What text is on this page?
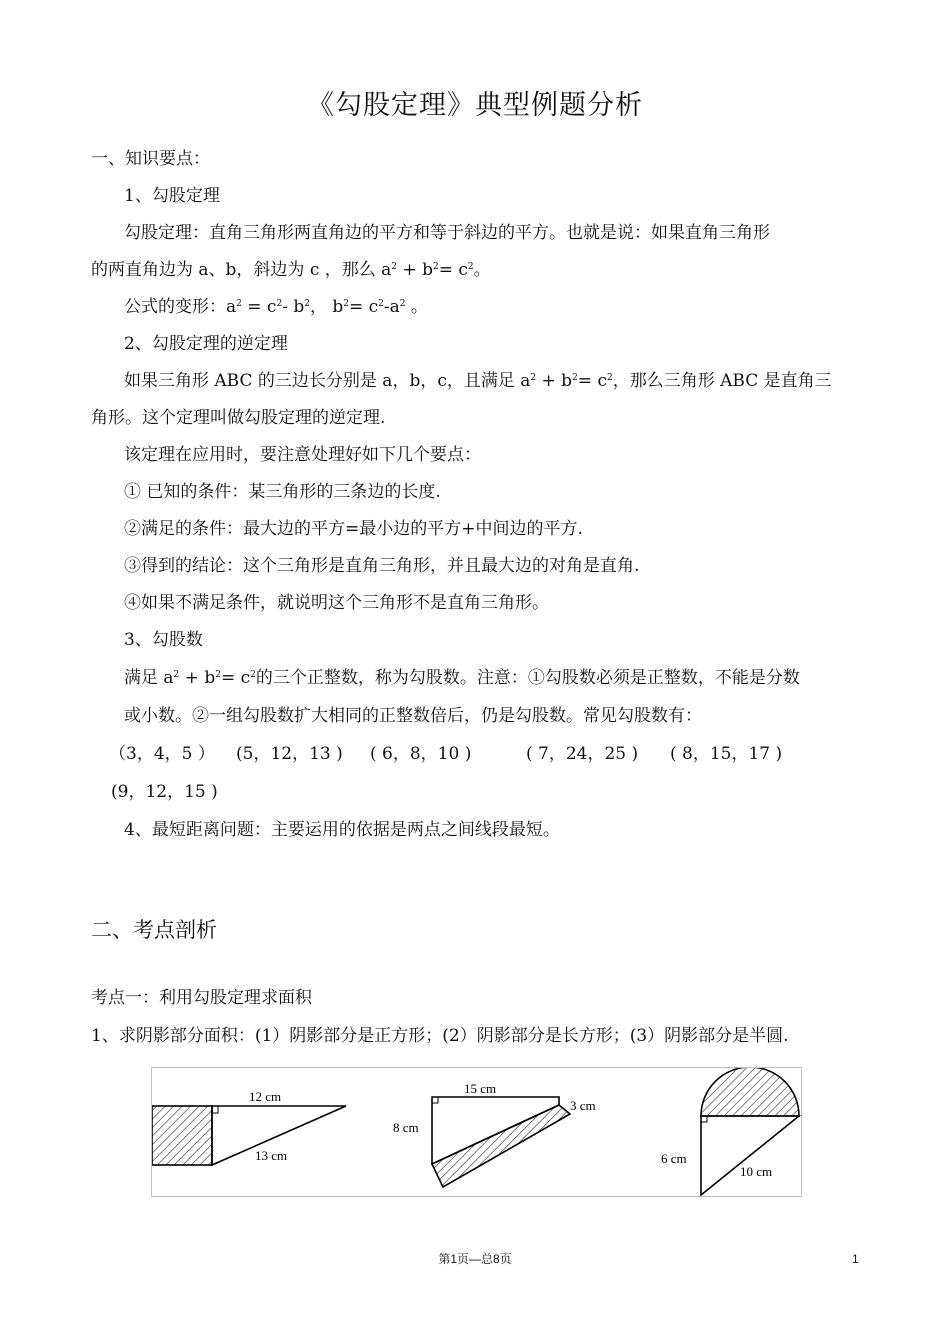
《勾股定理》典型例题分析
一、知识要点：
1、勾股定理
勾股定理：直角三角形两直角边的平方和等于斜边的平方。也就是说：如果直角三角形
的两直角边为 a、b，斜边为 c ，那么 $a^2 + b^2= c^2$。
公式的变形：$a^2 = c^2-$ $b^2$， $b^2= c^2-a^2$ 。
2、勾股定理的逆定理
如果三角形 ABC 的三边长分别是 a，b，c，且满足 $a^2 + b^2= c^2$，那么三角形 ABC 是直角三
角形。这个定理叫做勾股定理的逆定理.
该定理在应用时，要注意处理好如下几个要点：
① 已知的条件：某三角形的三条边的长度.
②满足的条件：最大边的平方=最小边的平方+中间边的平方.
③得到的结论：这个三角形是直角三角形，并且最大边的对角是直角.
④如果不满足条件，就说明这个三角形不是直角三角形。
3、勾股数
满足 $a^2 + b^2= c^2$的三个正整数，称为勾股数。注意：①勾股数必须是正整数，不能是分数
或小数。②一组勾股数扩大相同的正整数倍后，仍是勾股数。常见勾股数有：
（3，4，5 ） (5，12，13 ) ( 6，8，10 )	( 7，24，25 ) ( 8，15，17 )
(9，12，15 )
4、最短距离问题：主要运用的依据是两点之间线段最短。
二、考点剖析
考点一：利用勾股定理求面积
1、求阴影部分面积：(1）阴影部分是正方形；(2）阴影部分是长方形；(3）阴影部分是半圆.
12 cm
13 cm
15 cm
8 cm
3 cm
6 cm
10 cm
第1页—总8页	1
